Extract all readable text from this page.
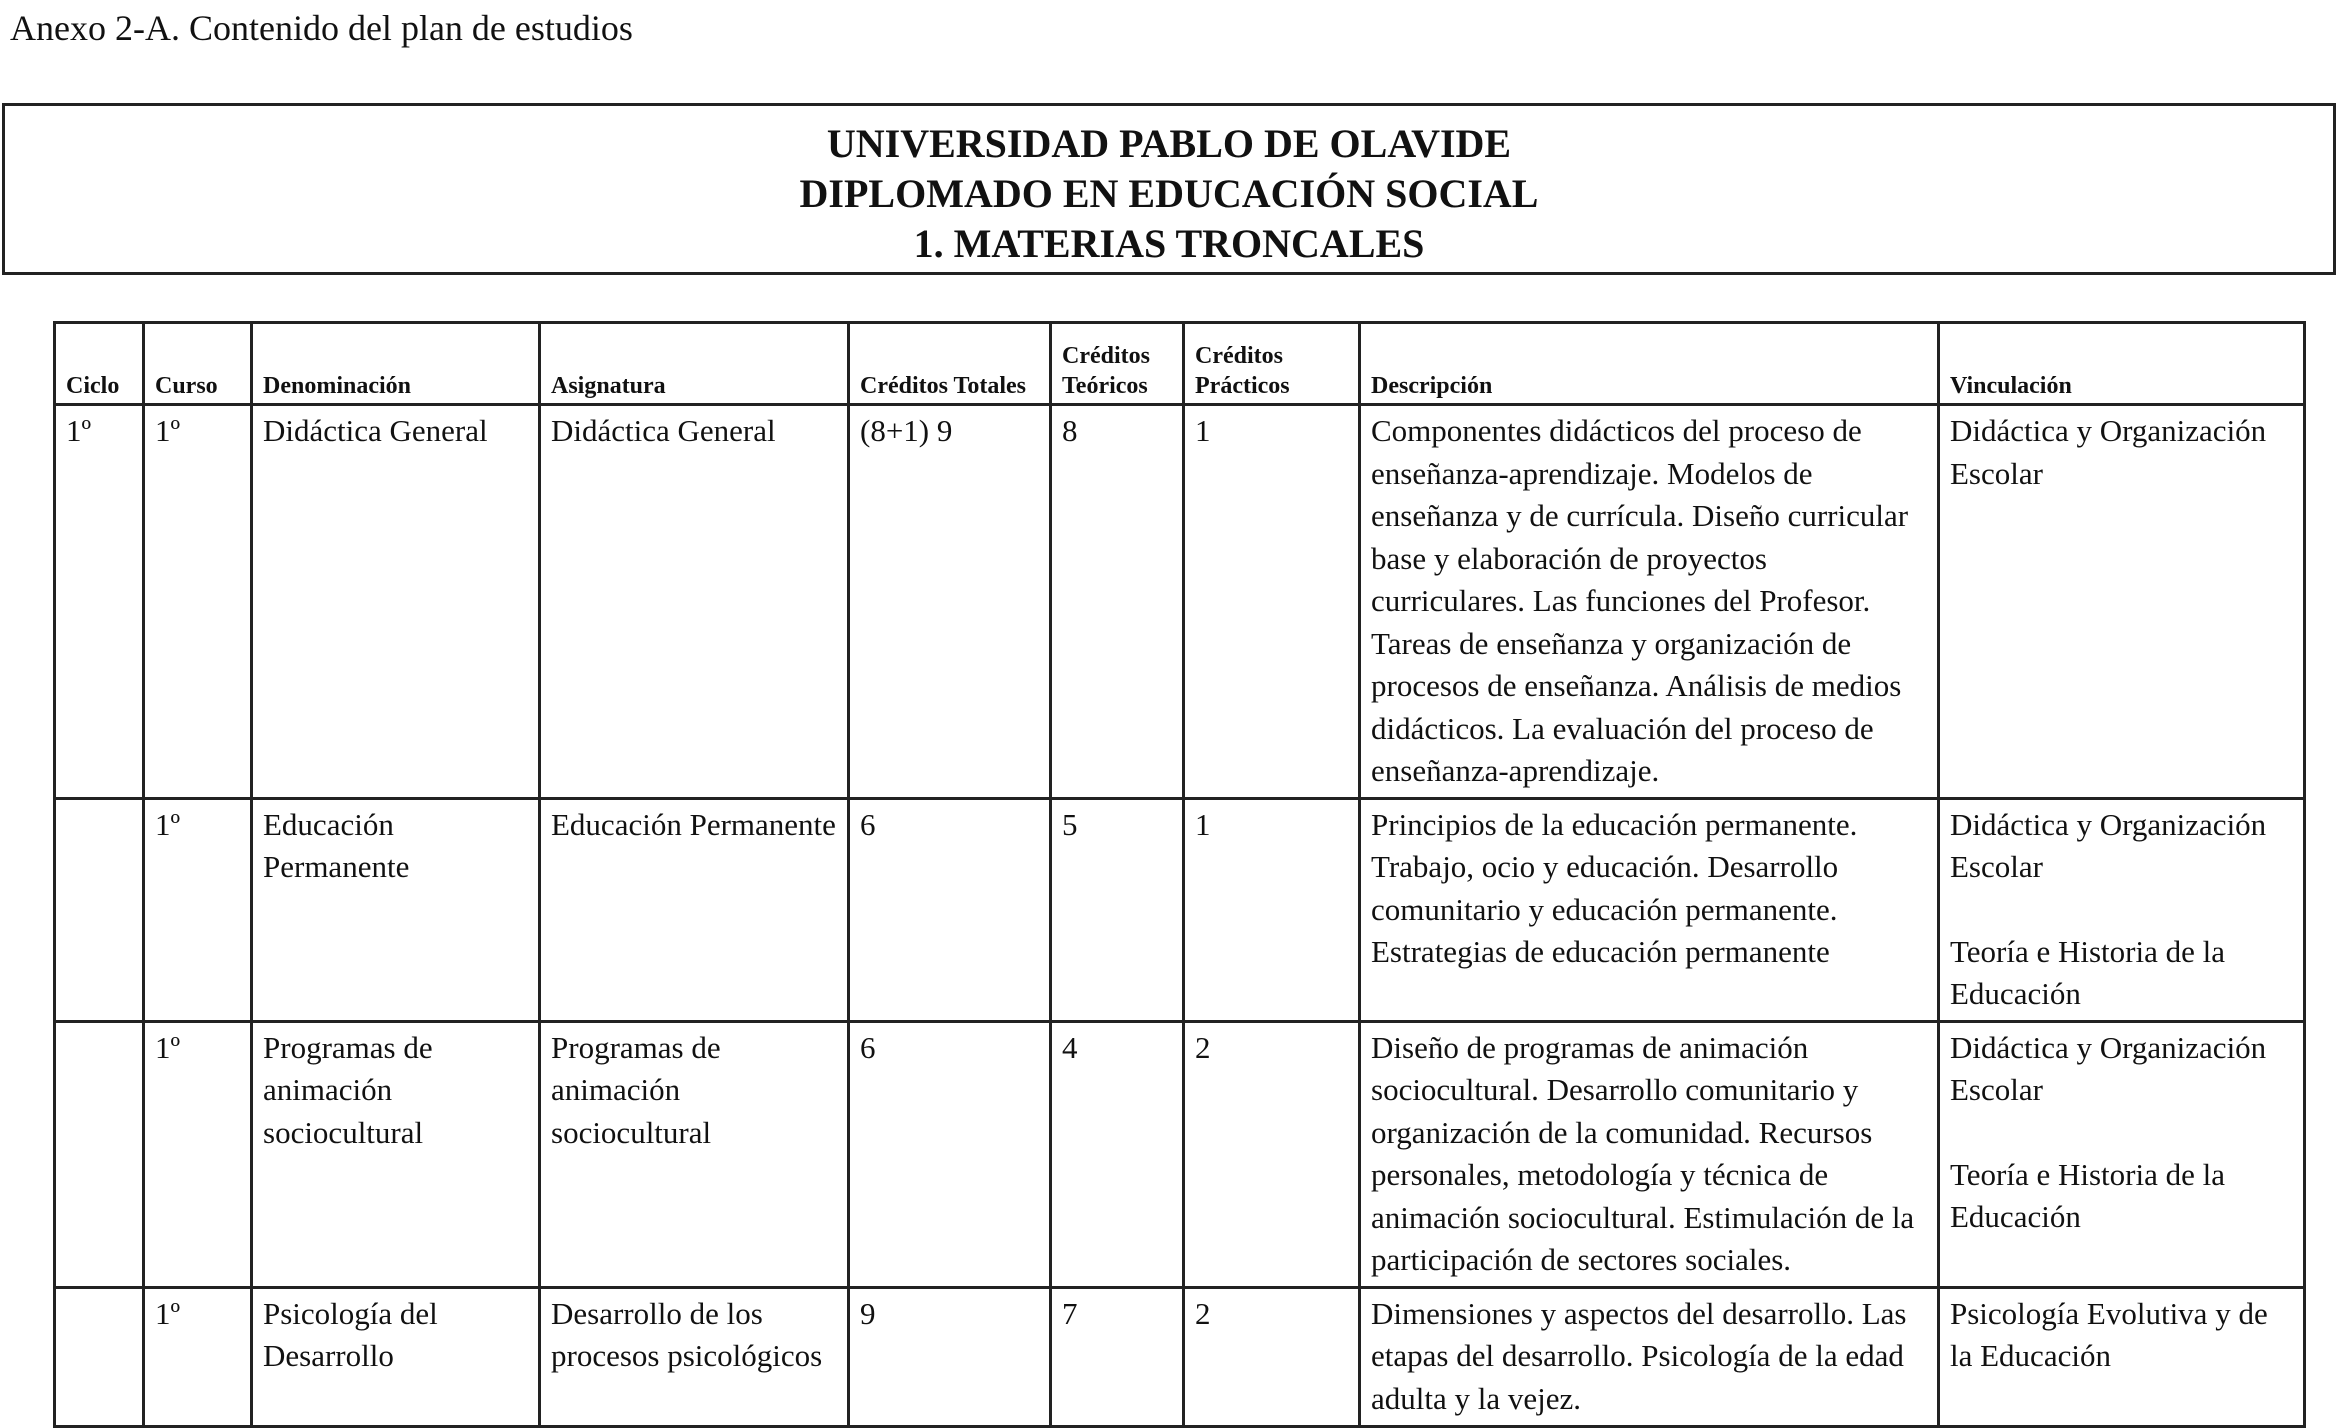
Anexo 2-A. Contenido del plan de estudios
UNIVERSIDAD PABLO DE OLAVIDE
DIPLOMADO EN EDUCACIÓN SOCIAL
1. MATERIAS TRONCALES
Ciclo	Curso	Denominación	Asignatura	Créditos Totales	Créditos Teóricos	Créditos Prácticos	Descripción	Vinculación
1º	1º	Didáctica General	Didáctica General	(8+1) 9	8	1	Componentes didácticos del proceso de enseñanza-aprendizaje. Modelos de enseñanza y de currícula. Diseño curricular base y elaboración de proyectos curriculares. Las funciones del Profesor. Tareas de enseñanza y organización de procesos de enseñanza. Análisis de medios didácticos. La evaluación del proceso de enseñanza-aprendizaje.	Didáctica y Organización Escolar

	1º	Educación Permanente	Educación Permanente	6	5	1	Principios de la educación permanente. Trabajo, ocio y educación. Desarrollo comunitario y educación permanente. Estrategias de educación permanente	Didáctica y Organización Escolar
Teoría e Historia de la Educación

	1º	Programas de animación sociocultural	Programas de animación sociocultural	6	4	2	Diseño de programas de animación sociocultural. Desarrollo comunitario y organización de la comunidad. Recursos personales, metodología y técnica de animación sociocultural. Estimulación de la participación de sectores sociales.	Didáctica y Organización Escolar
Teoría e Historia de la Educación

	1º	Psicología del Desarrollo	Desarrollo de los procesos psicológicos	9	7	2	Dimensiones y aspectos del desarrollo. Las etapas del desarrollo. Psicología de la edad adulta y la vejez.	Psicología Evolutiva y de la Educación
